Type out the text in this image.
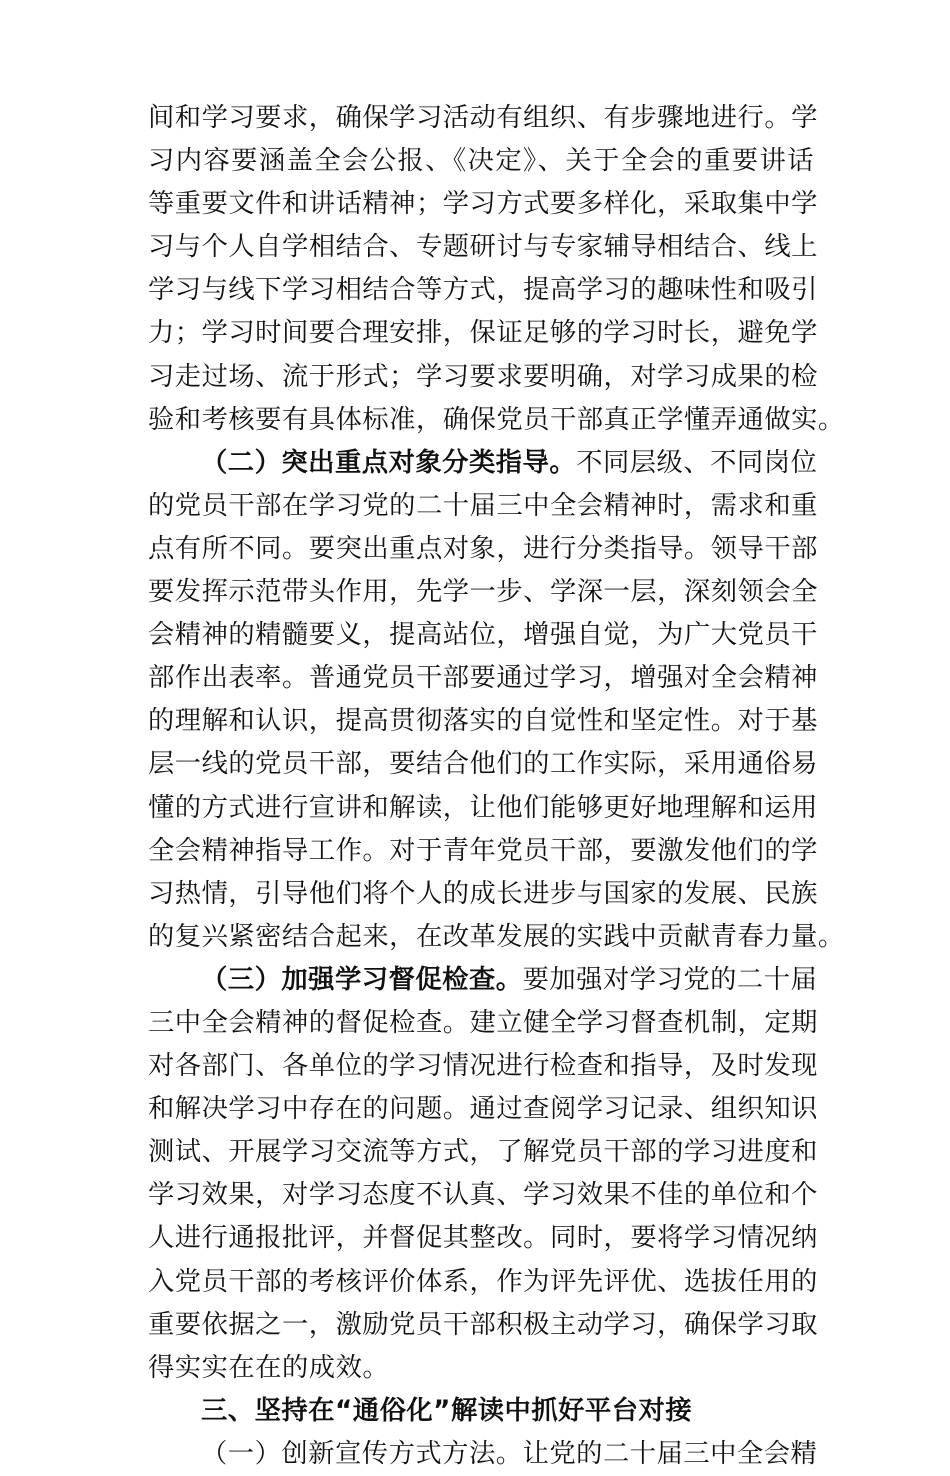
间和学习要求，确保学习活动有组织、有步骤地进行。学
习内容要涵盖全会公报、《决定》、关于全会的重要讲话
等重要文件和讲话精神；学习方式要多样化，采取集中学
习与个人自学相结合、专题研讨与专家辅导相结合、线上
学习与线下学习相结合等方式，提高学习的趣味性和吸引
力；学习时间要合理安排，保证足够的学习时长，避免学
习走过场、流于形式；学习要求要明确，对学习成果的检
验和考核要有具体标准，确保党员干部真正学懂弄通做实。
（二）突出重点对象分类指导。不同层级、不同岗位
的党员干部在学习党的二十届三中全会精神时，需求和重
点有所不同。要突出重点对象，进行分类指导。领导干部
要发挥示范带头作用，先学一步、学深一层，深刻领会全
会精神的精髓要义，提高站位，增强自觉，为广大党员干
部作出表率。普通党员干部要通过学习，增强对全会精神
的理解和认识，提高贯彻落实的自觉性和坚定性。对于基
层一线的党员干部，要结合他们的工作实际，采用通俗易
懂的方式进行宣讲和解读，让他们能够更好地理解和运用
全会精神指导工作。对于青年党员干部，要激发他们的学
习热情，引导他们将个人的成长进步与国家的发展、民族
的复兴紧密结合起来，在改革发展的实践中贡献青春力量。
（三）加强学习督促检查。要加强对学习党的二十届
三中全会精神的督促检查。建立健全学习督查机制，定期
对各部门、各单位的学习情况进行检查和指导，及时发现
和解决学习中存在的问题。通过查阅学习记录、组织知识
测试、开展学习交流等方式，了解党员干部的学习进度和
学习效果，对学习态度不认真、学习效果不佳的单位和个
人进行通报批评，并督促其整改。同时，要将学习情况纳
入党员干部的考核评价体系，作为评先评优、选拔任用的
重要依据之一，激励党员干部积极主动学习，确保学习取
得实实在在的成效。
三、坚持在“通俗化”解读中抓好平台对接
（一）创新宣传方式方法。让党的二十届三中全会精
